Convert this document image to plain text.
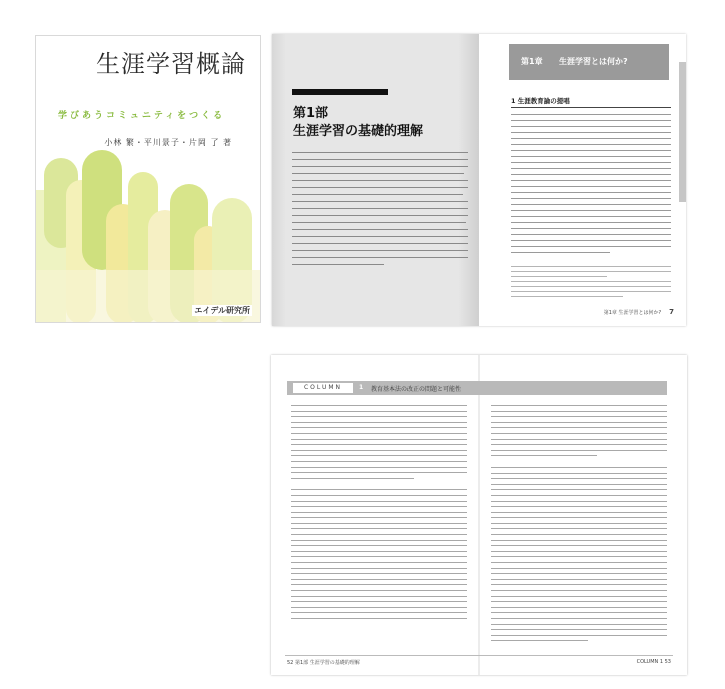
生涯学習概論
学びあうコミュニティをつくる
小林 繁・平川景子・片岡 了 著
エイデル研究所
第1部
生涯学習の基礎的理解
第1章 生涯学習とは何か?
1 生涯教育論の提唱
第1章 生涯学習とは何か? 7
COLUMN	1 教育基本法の改正の問題と可能性
52 第1部 生涯学習の基礎的理解	COLUMN 1 53
